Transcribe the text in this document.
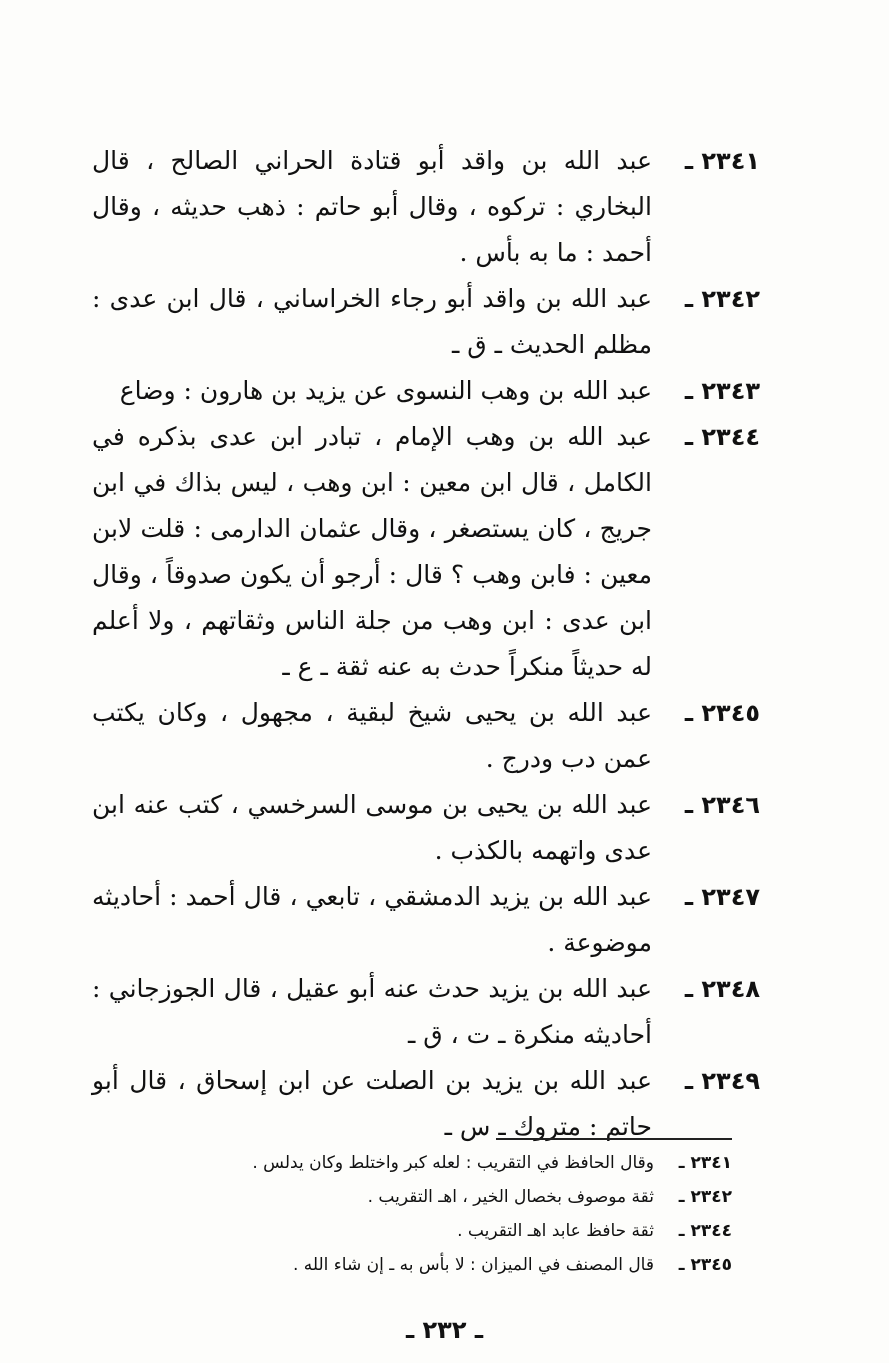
٢٣٤١ ـ
عبد الله بن واقد أبو قتادة الحراني الصالح ، قال البخاري : تركوه ، وقال أبو حاتم : ذهب حديثه ، وقال أحمد : ما به بأس .
٢٣٤٢ ـ
عبد الله بن واقد أبو رجاء الخراساني ، قال ابن عدى : مظلم الحديث ـ ق ـ
٢٣٤٣ ـ
عبد الله بن وهب النسوى عن يزيد بن هارون : وضاع
٢٣٤٤ ـ
عبد الله بن وهب الإمام ، تبادر ابن عدى بذكره في الكامل ، قال ابن معين : ابن وهب ، ليس بذاك في ابن جريج ، كان يستصغر ، وقال عثمان الدارمى : قلت لابن معين : فابن وهب ؟ قال : أرجو أن يكون صدوقاً ، وقال ابن عدى : ابن وهب من جلة الناس وثقاتهم ، ولا أعلم له حديثاً منكراً حدث به عنه ثقة ـ ع ـ
٢٣٤٥ ـ
عبد الله بن يحيى شيخ لبقية ، مجهول ، وكان يكتب عمن دب ودرج .
٢٣٤٦ ـ
عبد الله بن يحيى بن موسى السرخسي ، كتب عنه ابن عدى واتهمه بالكذب .
٢٣٤٧ ـ
عبد الله بن يزيد الدمشقي ، تابعي ، قال أحمد : أحاديثه موضوعة .
٢٣٤٨ ـ
عبد الله بن يزيد حدث عنه أبو عقيل ، قال الجوزجاني : أحاديثه منكرة ـ ت ، ق ـ
٢٣٤٩ ـ
عبد الله بن يزيد بن الصلت عن ابن إسحاق ، قال أبو حاتم : متروك ـ س ـ
٢٣٤١ ـ
وقال الحافظ في التقريب : لعله كبر واختلط وكان يدلس .
٢٣٤٢ ـ
ثقة موصوف بخصال الخير ، اهـ التقريب .
٢٣٤٤ ـ
ثقة حافظ عابد اهـ التقريب .
٢٣٤٥ ـ
قال المصنف في الميزان : لا بأس به ـ إن شاء الله .
ـ ٢٣٢ ـ
